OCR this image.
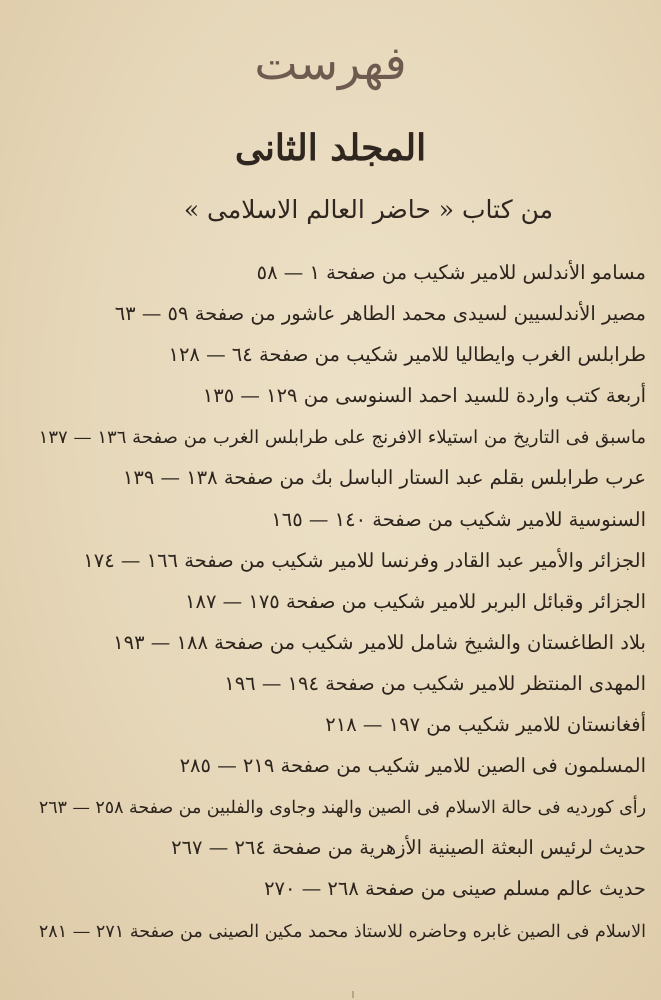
فهرست
المجلد الثانى
من كتاب « حاضر العالم الاسلامى »
مسامو الأندلس للامير شكيب من صفحة ١ — ٥٨
مصير الأندلسيين لسيدى محمد الطاهر عاشور من صفحة ٥٩ — ٦٣
طرابلس الغرب وايطاليا للامير شكيب من صفحة ٦٤ — ١٢٨
أربعة كتب واردة للسيد احمد السنوسى من ١٢٩ — ١٣٥
ماسبق فى التاريخ من استيلاء الافرنج على طرابلس الغرب من صفحة ١٣٦ — ١٣٧
عرب طرابلس بقلم عبد الستار الباسل بك من صفحة ١٣٨ — ١٣٩
السنوسية للامير شكيب من صفحة ١٤٠ — ١٦٥
الجزائر والأمير عبد القادر وفرنسا للامير شكيب من صفحة ١٦٦ — ١٧٤
الجزائر وقبائل البربر للامير شكيب من صفحة ١٧٥ — ١٨٧
بلاد الطاغستان والشيخ شامل للامير شكيب من صفحة ١٨٨ — ١٩٣
المهدى المنتظر للامير شكيب من صفحة ١٩٤ — ١٩٦
أفغانستان للامير شكيب من ١٩٧ — ٢١٨
المسلمون فى الصين للامير شكيب من صفحة ٢١٩ — ٢٨٥
رأى كورديه فى حالة الاسلام فى الصين والهند وجاوى والفلبين من صفحة ٢٥٨ — ٢٦٣
حديث لرئيس البعثة الصينية الأزهرية من صفحة ٢٦٤ — ٢٦٧
حديث عالم مسلم صينى من صفحة ٢٦٨ — ٢٧٠
الاسلام فى الصين غابره وحاضره للاستاذ محمد مكين الصينى من صفحة ٢٧١ — ٢٨١
